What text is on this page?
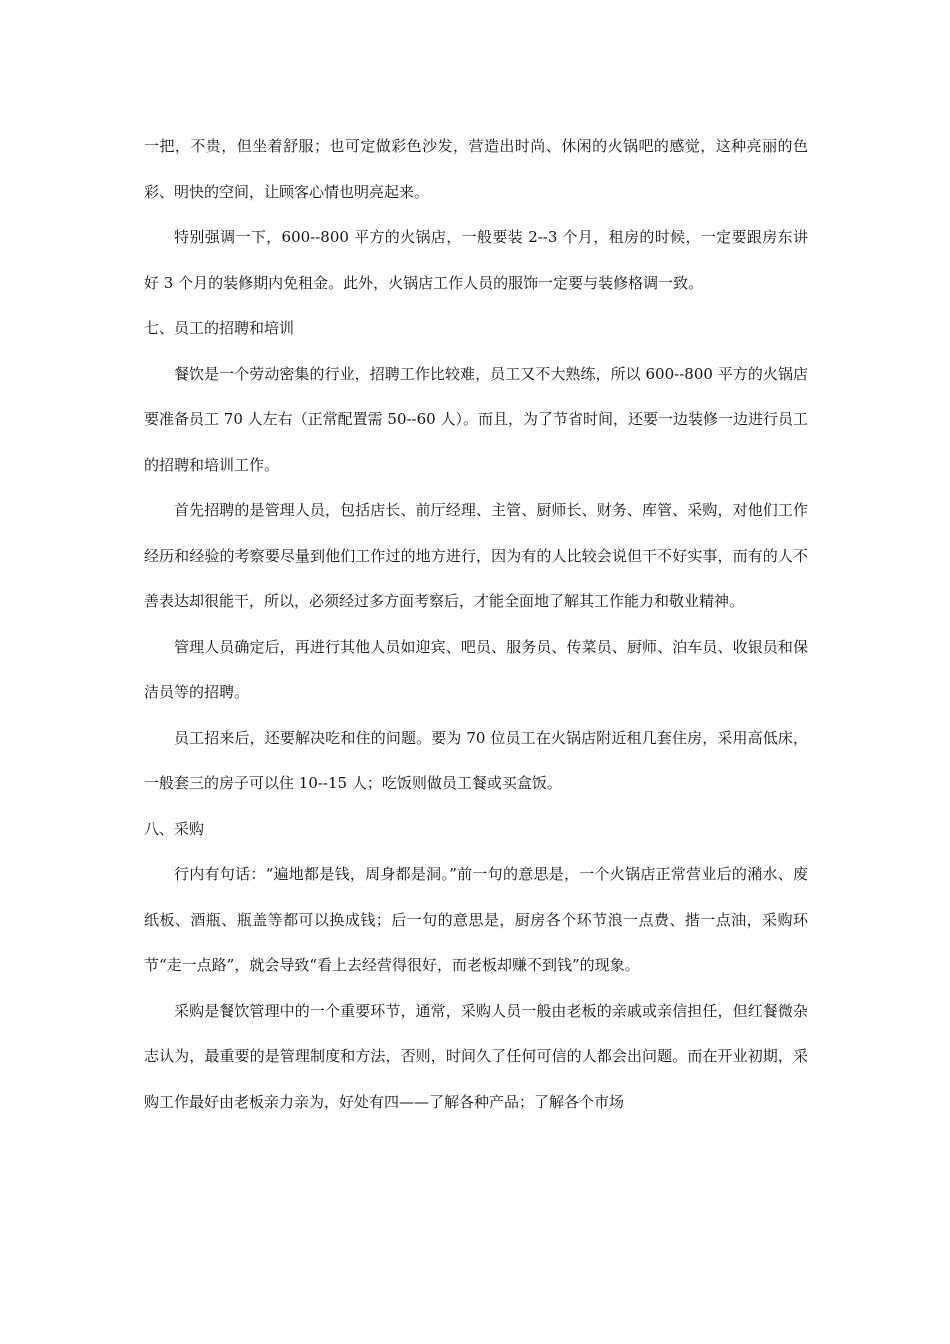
一把，不贵，但坐着舒服；也可定做彩色沙发，营造出时尚、休闲的火锅吧的感觉，这种亮丽的色彩、明快的空间，让顾客心情也明亮起来。

特别强调一下，600--800 平方的火锅店，一般要装 2--3 个月，租房的时候，一定要跟房东讲好 3 个月的装修期内免租金。此外，火锅店工作人员的服饰一定要与装修格调一致。

七、员工的招聘和培训

餐饮是一个劳动密集的行业，招聘工作比较难，员工又不大熟练，所以 600--800 平方的火锅店要准备员工 70 人左右（正常配置需 50--60 人）。而且，为了节省时间，还要一边装修一边进行员工的招聘和培训工作。

首先招聘的是管理人员，包括店长、前厅经理、主管、厨师长、财务、库管、采购，对他们工作经历和经验的考察要尽量到他们工作过的地方进行，因为有的人比较会说但干不好实事，而有的人不善表达却很能干，所以，必须经过多方面考察后，才能全面地了解其工作能力和敬业精神。

管理人员确定后，再进行其他人员如迎宾、吧员、服务员、传菜员、厨师、泊车员、收银员和保洁员等的招聘。

员工招来后，还要解决吃和住的问题。要为 70 位员工在火锅店附近租几套住房，采用高低床，一般套三的房子可以住 10--15 人；吃饭则做员工餐或买盒饭。

八、采购

行内有句话：“遍地都是钱，周身都是洞。”前一句的意思是，一个火锅店正常营业后的潲水、废纸板、酒瓶、瓶盖等都可以换成钱；后一句的意思是，厨房各个环节浪一点费、揩一点油，采购环节“走一点路”，就会导致“看上去经营得很好，而老板却赚不到钱”的现象。

采购是餐饮管理中的一个重要环节，通常，采购人员一般由老板的亲戚或亲信担任，但红餐微杂志认为，最重要的是管理制度和方法，否则，时间久了任何可信的人都会出问题。而在开业初期，采购工作最好由老板亲力亲为，好处有四——了解各种产品；了解各个市场
